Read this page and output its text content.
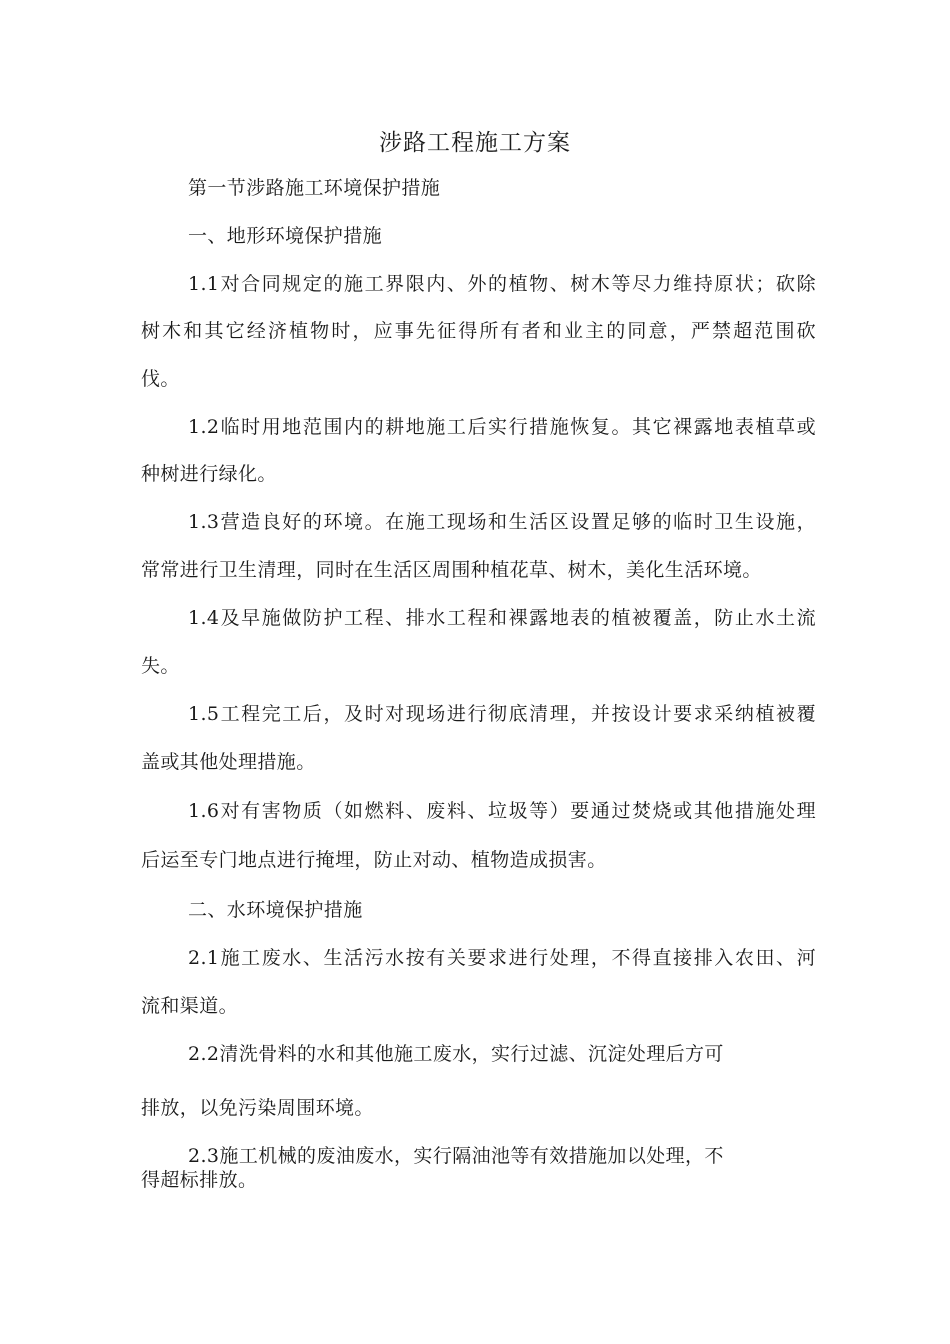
涉路工程施工方案
第一节涉路施工环境保护措施
一、地形环境保护措施
1.1对合同规定的施工界限内、外的植物、树木等尽力维持原状；砍除
树木和其它经济植物时，应事先征得所有者和业主的同意，严禁超范围砍
伐。
1.2临时用地范围内的耕地施工后实行措施恢复。其它裸露地表植草或
种树进行绿化。
1.3营造良好的环境。在施工现场和生活区设置足够的临时卫生设施，
常常进行卫生清理，同时在生活区周围种植花草、树木，美化生活环境。
1.4及早施做防护工程、排水工程和裸露地表的植被覆盖，防止水土流
失。
1.5工程完工后，及时对现场进行彻底清理，并按设计要求采纳植被覆
盖或其他处理措施。
1.6对有害物质（如燃料、废料、垃圾等）要通过焚烧或其他措施处理
后运至专门地点进行掩埋，防止对动、植物造成损害。
二、水环境保护措施
2.1施工废水、生活污水按有关要求进行处理，不得直接排入农田、河
流和渠道。
2.2清洗骨料的水和其他施工废水，实行过滤、沉淀处理后方可
排放，以免污染周围环境。
2.3施工机械的废油废水，实行隔油池等有效措施加以处理，不
得超标排放。
